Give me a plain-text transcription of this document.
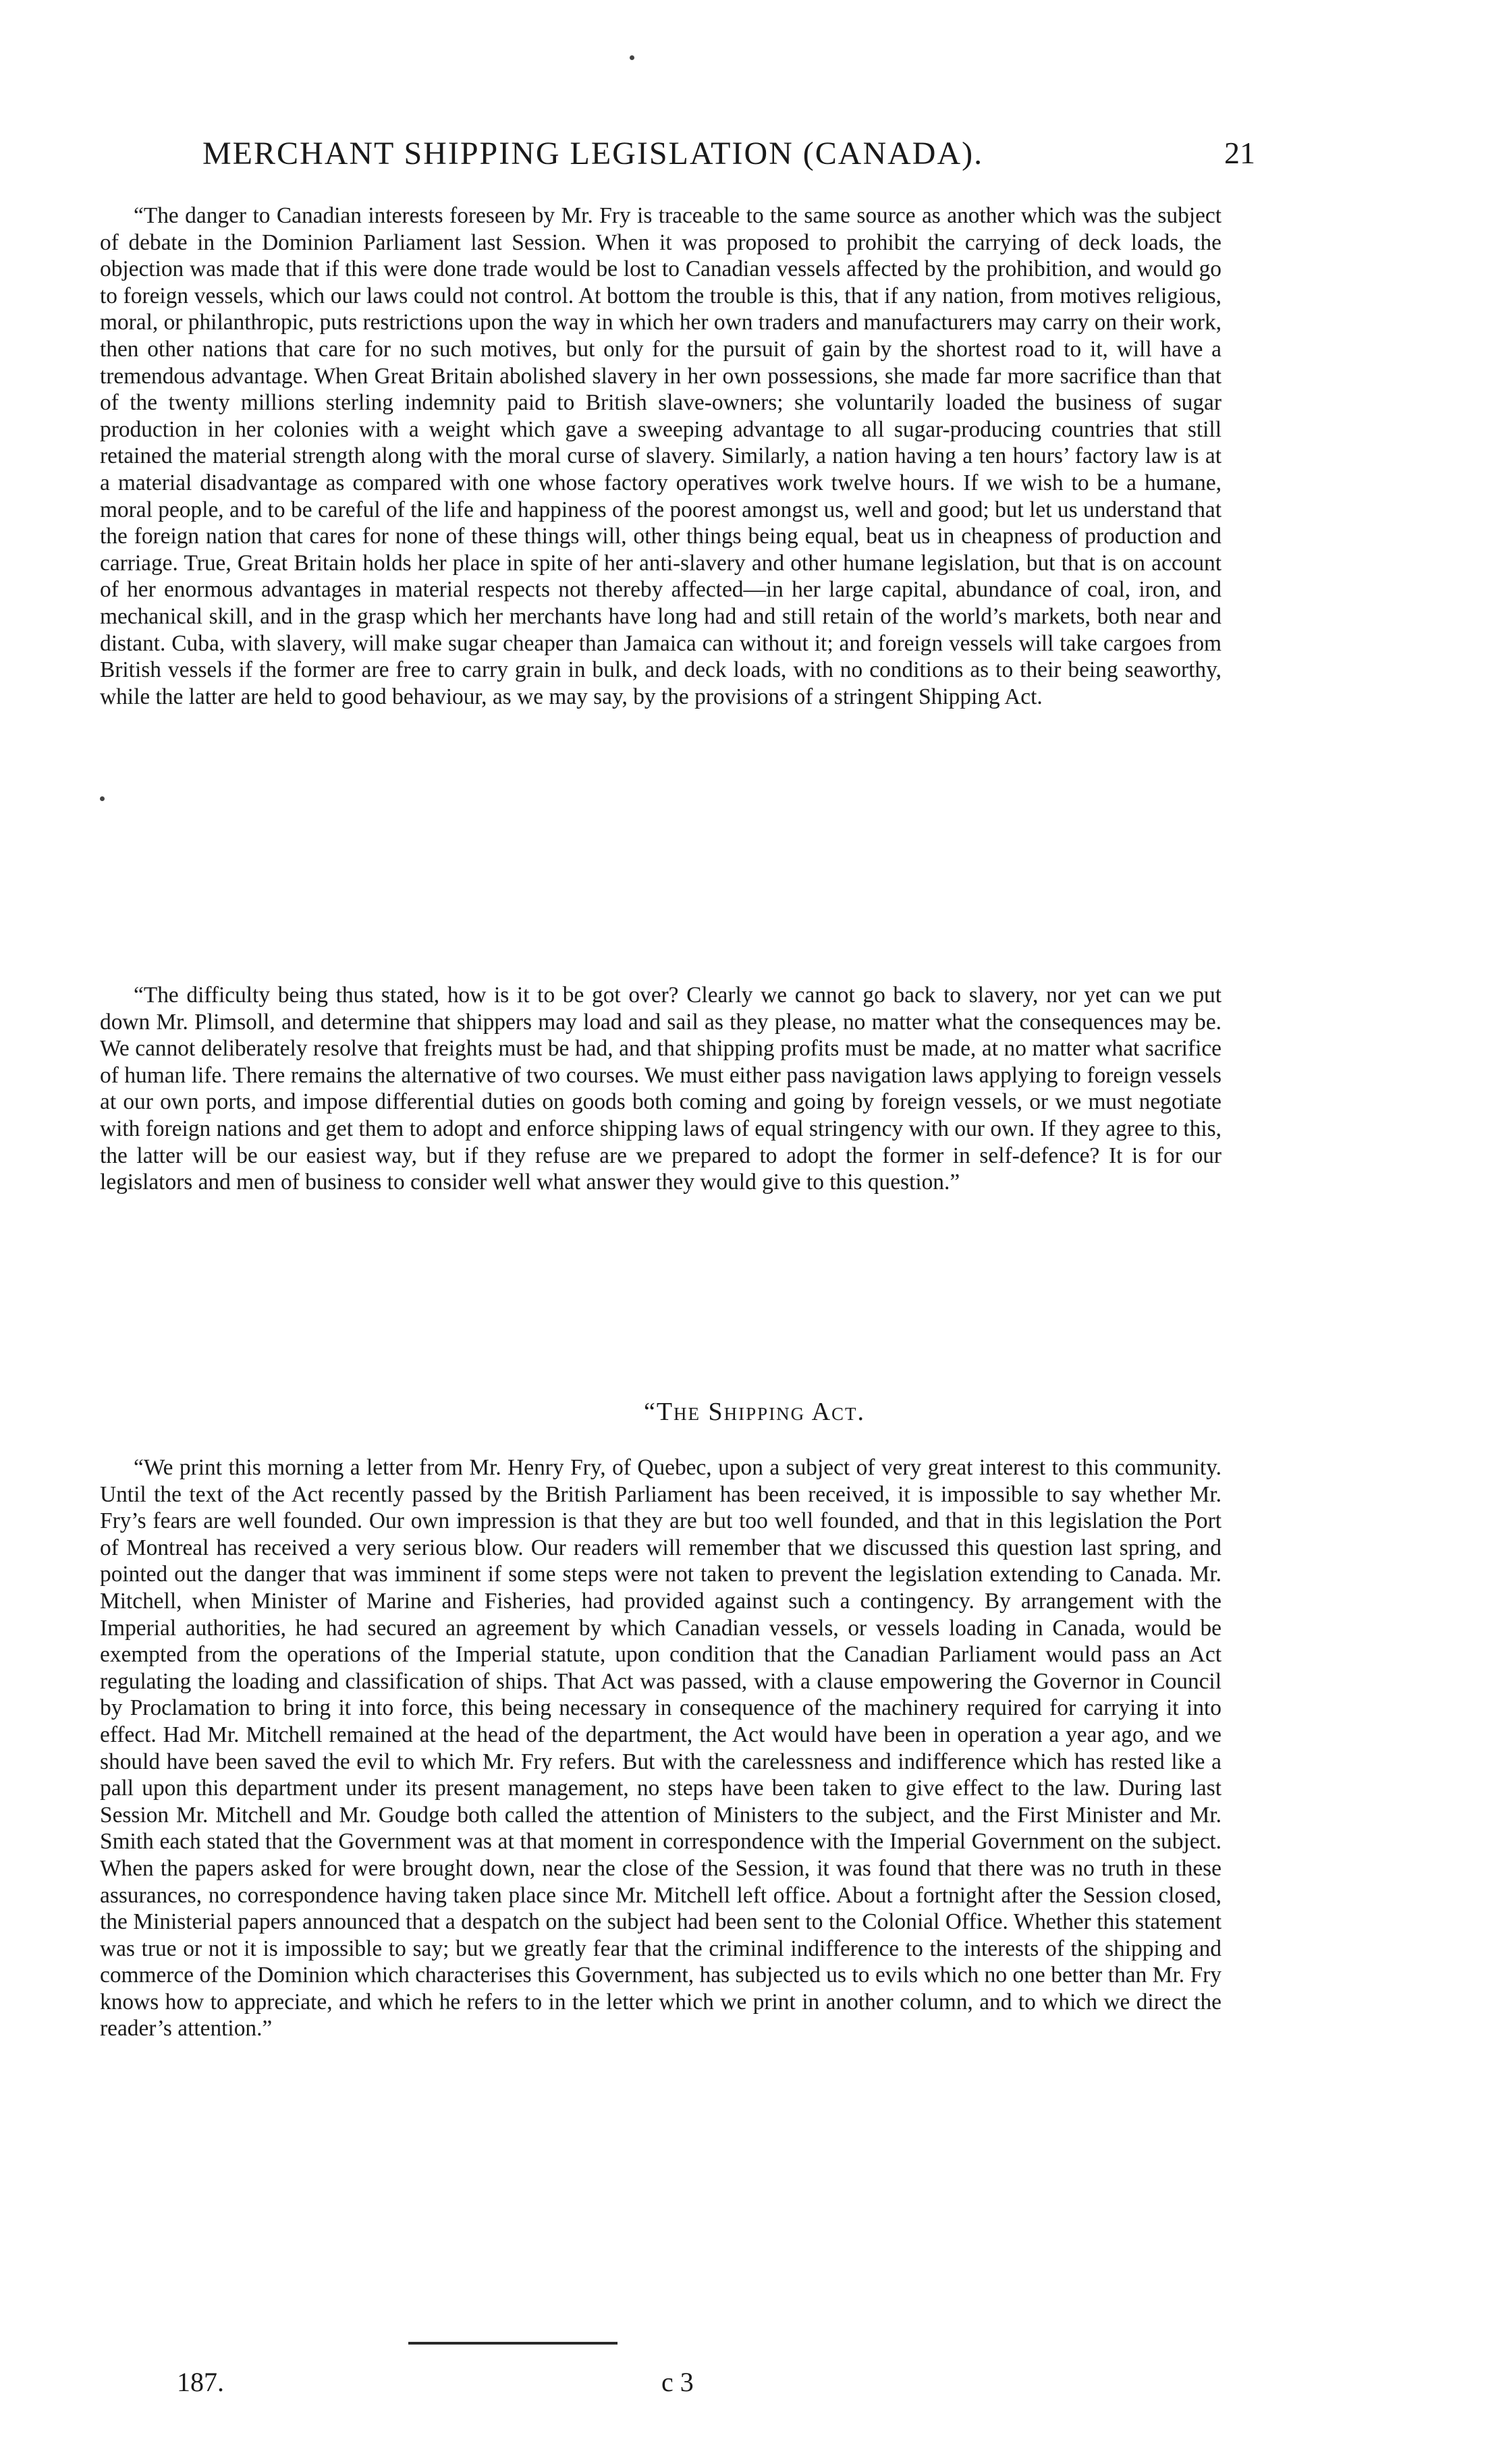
MERCHANT SHIPPING LEGISLATION (CANADA).	21
“The danger to Canadian interests foreseen by Mr. Fry is traceable to the same source as another which was the subject of debate in the Dominion Parliament last Session. When it was proposed to prohibit the carrying of deck loads, the objection was made that if this were done trade would be lost to Canadian vessels affected by the prohibition, and would go to foreign vessels, which our laws could not control. At bottom the trouble is this, that if any nation, from motives religious, moral, or philanthropic, puts restrictions upon the way in which her own traders and manufacturers may carry on their work, then other nations that care for no such motives, but only for the pursuit of gain by the shortest road to it, will have a tremendous advantage. When Great Britain abolished slavery in her own possessions, she made far more sacrifice than that of the twenty millions sterling indemnity paid to British slave-owners; she voluntarily loaded the business of sugar production in her colonies with a weight which gave a sweeping advantage to all sugar-producing countries that still retained the material strength along with the moral curse of slavery. Similarly, a nation having a ten hours’ factory law is at a material disadvantage as compared with one whose factory operatives work twelve hours. If we wish to be a humane, moral people, and to be careful of the life and happiness of the poorest amongst us, well and good; but let us understand that the foreign nation that cares for none of these things will, other things being equal, beat us in cheapness of production and carriage. True, Great Britain holds her place in spite of her anti-slavery and other humane legislation, but that is on account of her enormous advantages in material respects not thereby affected—in her large capital, abundance of coal, iron, and mechanical skill, and in the grasp which her merchants have long had and still retain of the world’s markets, both near and distant. Cuba, with slavery, will make sugar cheaper than Jamaica can without it; and foreign vessels will take cargoes from British vessels if the former are free to carry grain in bulk, and deck loads, with no conditions as to their being seaworthy, while the latter are held to good behaviour, as we may say, by the provisions of a stringent Shipping Act.
“The difficulty being thus stated, how is it to be got over? Clearly we cannot go back to slavery, nor yet can we put down Mr. Plimsoll, and determine that shippers may load and sail as they please, no matter what the consequences may be. We cannot deliberately resolve that freights must be had, and that shipping profits must be made, at no matter what sacrifice of human life. There remains the alternative of two courses. We must either pass navigation laws applying to foreign vessels at our own ports, and impose differential duties on goods both coming and going by foreign vessels, or we must negotiate with foreign nations and get them to adopt and enforce shipping laws of equal stringency with our own. If they agree to this, the latter will be our easiest way, but if they refuse are we prepared to adopt the former in self-defence? It is for our legislators and men of business to consider well what answer they would give to this question.”
“The Shipping Act.
“We print this morning a letter from Mr. Henry Fry, of Quebec, upon a subject of very great interest to this community. Until the text of the Act recently passed by the British Parliament has been received, it is impossible to say whether Mr. Fry’s fears are well founded. Our own impression is that they are but too well founded, and that in this legislation the Port of Montreal has received a very serious blow. Our readers will remember that we discussed this question last spring, and pointed out the danger that was imminent if some steps were not taken to prevent the legislation extending to Canada. Mr. Mitchell, when Minister of Marine and Fisheries, had provided against such a contingency. By arrangement with the Imperial authorities, he had secured an agreement by which Canadian vessels, or vessels loading in Canada, would be exempted from the operations of the Imperial statute, upon condition that the Canadian Parliament would pass an Act regulating the loading and classification of ships. That Act was passed, with a clause empowering the Governor in Council by Proclamation to bring it into force, this being necessary in consequence of the machinery required for carrying it into effect. Had Mr. Mitchell remained at the head of the department, the Act would have been in operation a year ago, and we should have been saved the evil to which Mr. Fry refers. But with the carelessness and indifference which has rested like a pall upon this department under its present management, no steps have been taken to give effect to the law. During last Session Mr. Mitchell and Mr. Goudge both called the attention of Ministers to the subject, and the First Minister and Mr. Smith each stated that the Government was at that moment in correspondence with the Imperial Government on the subject. When the papers asked for were brought down, near the close of the Session, it was found that there was no truth in these assurances, no correspondence having taken place since Mr. Mitchell left office. About a fortnight after the Session closed, the Ministerial papers announced that a despatch on the subject had been sent to the Colonial Office. Whether this statement was true or not it is impossible to say; but we greatly fear that the criminal indifference to the interests of the shipping and commerce of the Dominion which characterises this Government, has subjected us to evils which no one better than Mr. Fry knows how to appreciate, and which he refers to in the letter which we print in another column, and to which we direct the reader’s attention.”
187.	c 3
